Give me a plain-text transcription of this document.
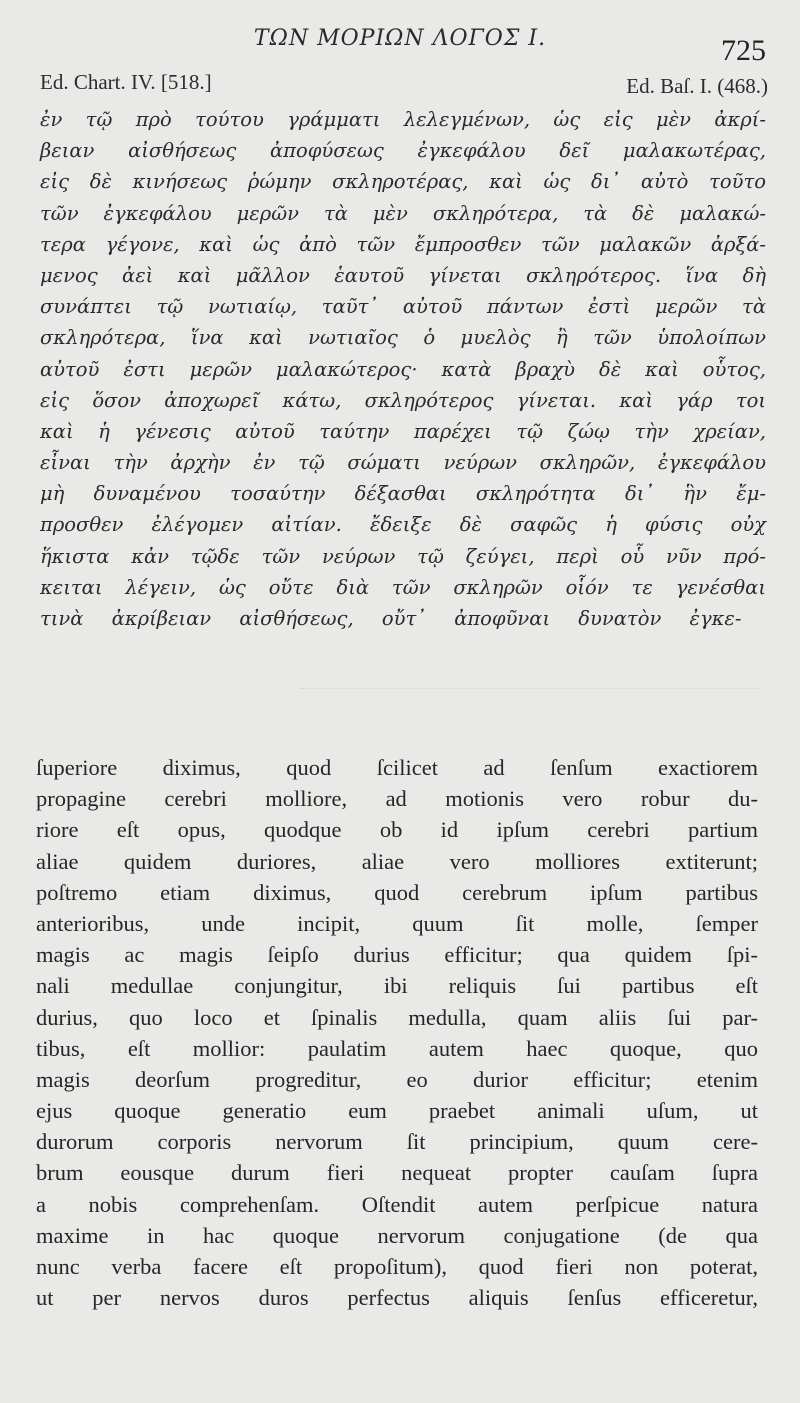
ΤΩΝ ΜΟΡΙΩΝ ΛΟΓΟΣ Ι.	725
Ed. Chart. IV. [518.]	Ed. Baſ. I. (468.)
ἐν τῷ πρὸ τούτου γράμματι λελεγμένων, ὡς εἰς μὲν ἀκρί-
βειαν αἰσθήσεως ἀποφύσεως ἐγκεφάλου δεῖ μαλακωτέρας,
εἰς δὲ κινήσεως ῥώμην σκληροτέρας, καὶ ὡς δι᾽ αὐτὸ τοῦτο
τῶν ἐγκεφάλου μερῶν τὰ μὲν σκληρότερα, τὰ δὲ μαλακώ-
τερα γέγονε, καὶ ὡς ἀπὸ τῶν ἔμπροσθεν τῶν μαλακῶν ἀρξά-
μενος ἀεὶ καὶ μᾶλλον ἑαυτοῦ γίνεται σκληρότερος. ἵνα δὴ
συνάπτει τῷ νωτιαίῳ, ταῦτ᾽ αὐτοῦ πάντων ἐστὶ μερῶν τὰ
σκληρότερα, ἵνα καὶ νωτιαῖος ὁ μυελὸς ἢ τῶν ὑπολοίπων
αὐτοῦ ἐστι μερῶν μαλακώτερος· κατὰ βραχὺ δὲ καὶ οὗτος,
εἰς ὅσον ἀποχωρεῖ κάτω, σκληρότερος γίνεται. καὶ γάρ τοι
καὶ ἡ γένεσις αὐτοῦ ταύτην παρέχει τῷ ζώῳ τὴν χρείαν,
εἶναι τὴν ἀρχὴν ἐν τῷ σώματι νεύρων σκληρῶν, ἐγκεφάλου
μὴ δυναμένου τοσαύτην δέξασθαι σκληρότητα δι᾽ ἣν ἔμ-
προσθεν ἐλέγομεν αἰτίαν. ἔδειξε δὲ σαφῶς ἡ φύσις οὐχ
ἥκιστα κἀν τῷδε τῶν νεύρων τῷ ζεύγει, περὶ οὗ νῦν πρό-
κειται λέγειν, ὡς οὔτε διὰ τῶν σκληρῶν οἷόν τε γενέσθαι
τινὰ ἀκρίβειαν αἰσθήσεως, οὔτ᾽ ἀποφῦναι δυνατὸν ἐγκε-
ſuperiore diximus, quod ſcilicet ad ſenſum exactiorem
propagine cerebri molliore, ad motionis vero robur du-
riore eſt opus, quodque ob id ipſum cerebri partium
aliae quidem duriores, aliae vero molliores extiterunt;
poſtremo etiam diximus, quod cerebrum ipſum partibus
anterioribus, unde incipit, quum ſit molle, ſemper
magis ac magis ſeipſo durius efficitur; qua quidem ſpi-
nali medullae conjungitur, ibi reliquis ſui partibus eſt
durius, quo loco et ſpinalis medulla, quam aliis ſui par-
tibus, eſt mollior: paulatim autem haec quoque, quo
magis deorſum progreditur, eo durior efficitur; etenim
ejus quoque generatio eum praebet animali uſum, ut
durorum corporis nervorum ſit principium, quum cere-
brum eousque durum fieri nequeat propter cauſam ſupra
a nobis comprehenſam. Oſtendit autem perſpicue natura
maxime in hac quoque nervorum conjugatione (de qua
nunc verba facere eſt propoſitum), quod fieri non poterat,
ut per nervos duros perfectus aliquis ſenſus efficeretur,
